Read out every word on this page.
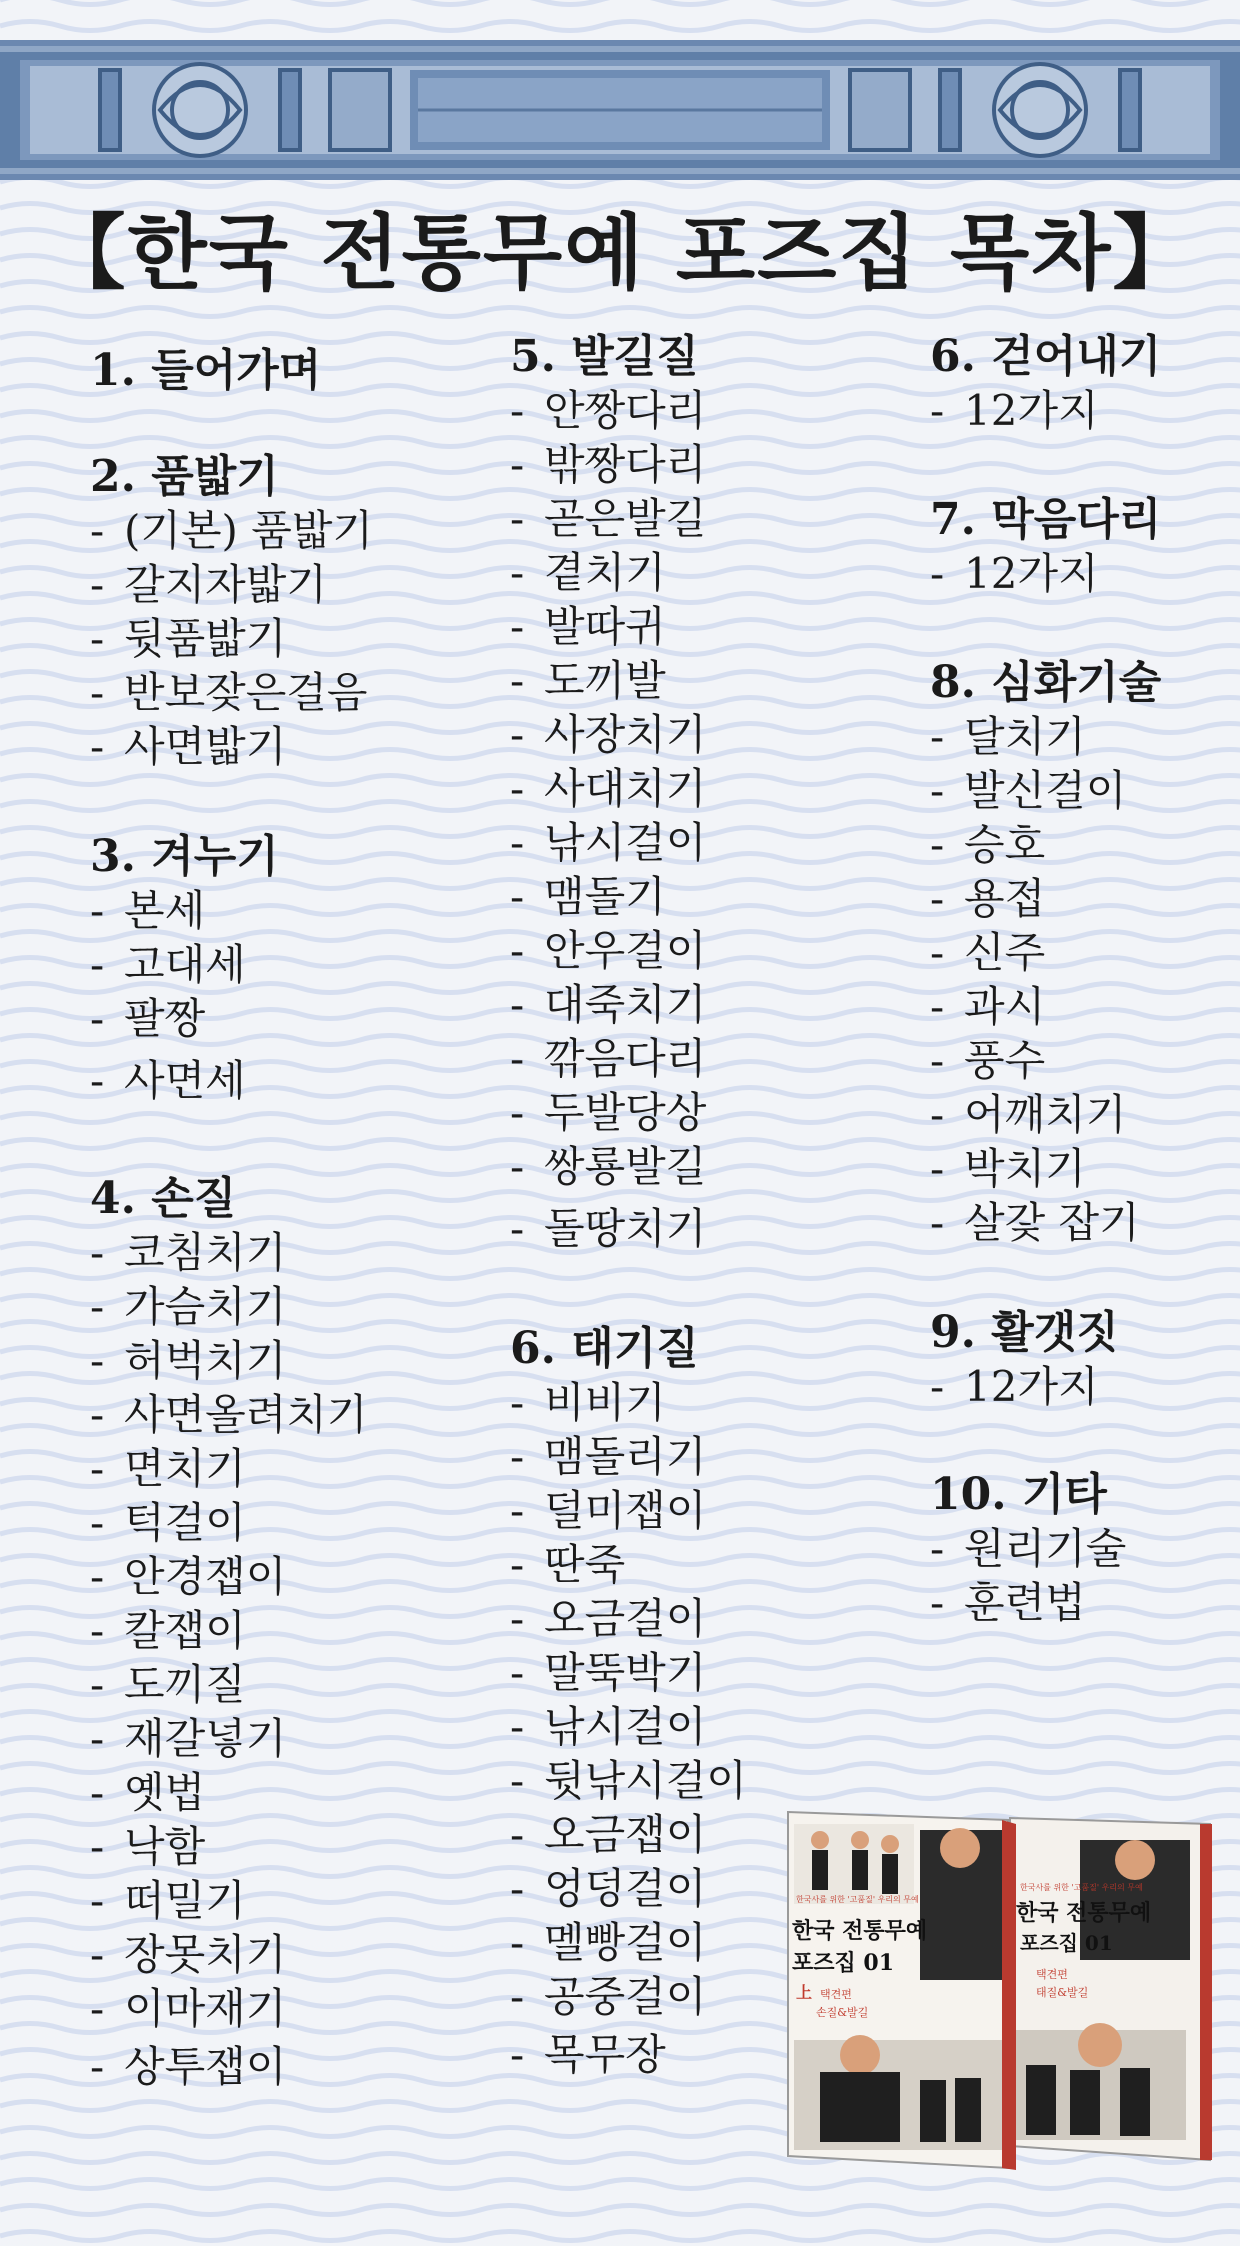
【한국 전통무예 포즈집 목차】
1. 들어가며
2. 품밟기
- (기본) 품밟기
- 갈지자밟기
- 뒷품밟기
- 반보잦은걸음
- 사면밟기
3. 겨누기
- 본세
- 고대세
- 팔짱
- 사면세
4. 손질
- 코침치기
- 가슴치기
- 허벅치기
- 사면올려치기
- 면치기
- 턱걸이
- 안경잽이
- 칼잽이
- 도끼질
- 재갈넣기
- 옛법
- 낙함
- 떠밀기
- 장못치기
- 이마재기
- 상투잽이
5. 발길질
- 안짱다리
- 밖짱다리
- 곧은발길
- 곁치기
- 발따귀
- 도끼발
- 사장치기
- 사대치기
- 낚시걸이
- 맴돌기
- 안우걸이
- 대죽치기
- 깎음다리
- 두발당상
- 쌍룡발길
- 돌땅치기
6. 태기질
- 비비기
- 맴돌리기
- 덜미잽이
- 딴죽
- 오금걸이
- 말뚝박기
- 낚시걸이
- 뒷낚시걸이
- 오금잽이
- 엉덩걸이
- 멜빵걸이
- 공중걸이
- 목무장
6. 걷어내기
- 12가지
7. 막음다리
- 12가지
8. 심화기술
- 달치기
- 발신걸이
- 승호
- 용접
- 신주
- 과시
- 풍수
- 어깨치기
- 박치기
- 살갗 잡기
9. 활갯짓
- 12가지
10. 기타
- 원리기술
- 훈련법
한국사를 위한 '고품질' 우리의 무예
한국 전통무예
포즈집 01
택견편
태질&발길
한국사를 위한 '고품질' 우리의 무예
한국 전통무예
포즈집 01
上 택견편
손질&발길
